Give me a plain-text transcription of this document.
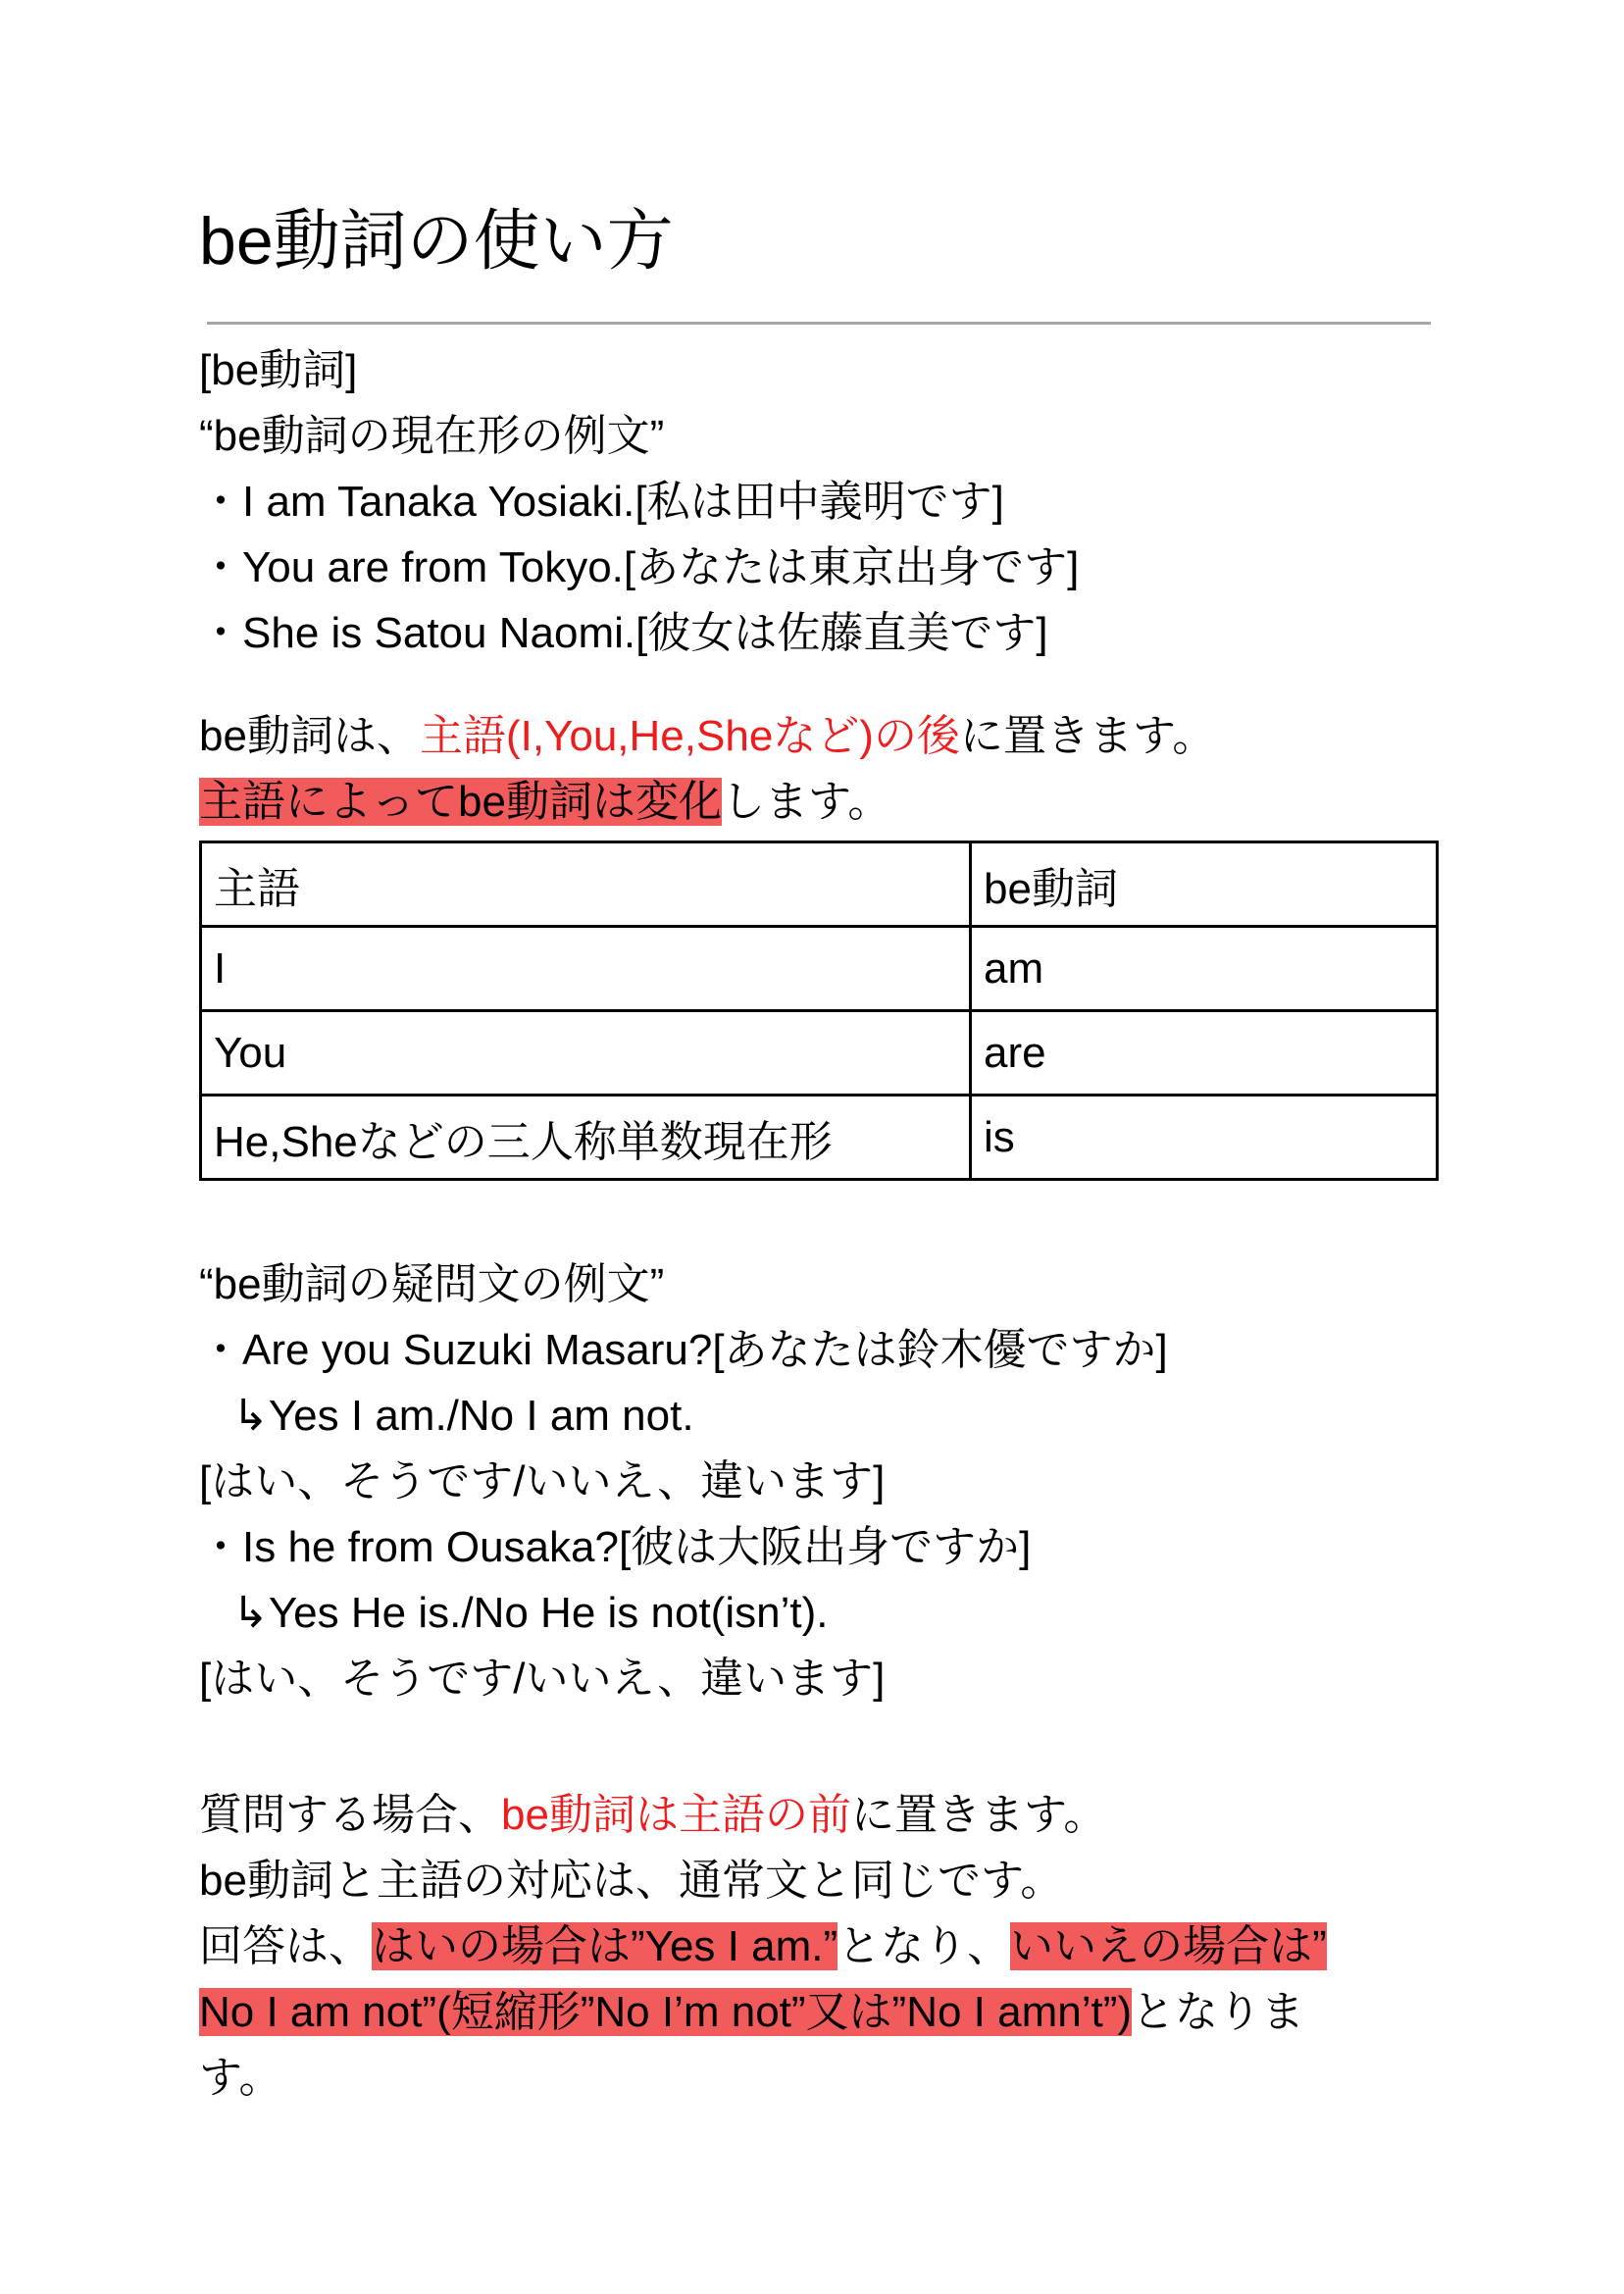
be動詞の使い方
[be動詞]
“be動詞の現在形の例文”
・I am Tanaka Yosiaki.[私は田中義明です]
・You are from Tokyo.[あなたは東京出身です]
・She is Satou Naomi.[彼女は佐藤直美です]
be動詞は、主語(I,You,He,Sheなど)の後に置きます。
主語によってbe動詞は変化します。
主語	be動詞
I	am
You	are
He,Sheなどの三人称単数現在形	is
“be動詞の疑問文の例文”
・Are you Suzuki Masaru?[あなたは鈴木優ですか]
↳Yes I am./No I am not.
[はい、そうです/いいえ、違います]
・Is he from Ousaka?[彼は大阪出身ですか]
↳Yes He is./No He is not(isn’t).
[はい、そうです/いいえ、違います]
質問する場合、be動詞は主語の前に置きます。
be動詞と主語の対応は、通常文と同じです。
回答は、はいの場合は”Yes I am.”となり、いいえの場合は”
No I am not”(短縮形”No I’m not”又は”No I amn’t”)となりま
す。
